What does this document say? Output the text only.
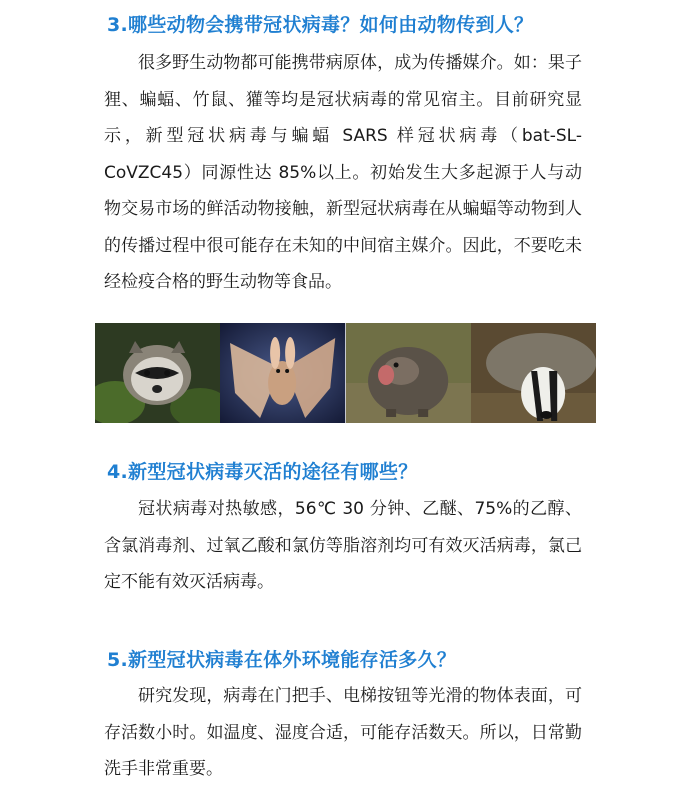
3.哪些动物会携带冠状病毒？如何由动物传到人？

很多野生动物都可能携带病原体，成为传播媒介。如：果子狸、蝙蝠、竹鼠、獾等均是冠状病毒的常见宿主。目前研究显示，新型冠状病毒与蝙蝠 SARS 样冠状病毒（bat-SL-CoVZC45）同源性达 85%以上。初始发生大多起源于人与动物交易市场的鲜活动物接触，新型冠状病毒在从蝙蝠等动物到人的传播过程中很可能存在未知的中间宿主媒介。因此，不要吃未经检疫合格的野生动物等食品。

4.新型冠状病毒灭活的途径有哪些？

冠状病毒对热敏感，56℃ 30 分钟、乙醚、75%的乙醇、含氯消毒剂、过氧乙酸和氯仿等脂溶剂均可有效灭活病毒，氯己定不能有效灭活病毒。

5.新型冠状病毒在体外环境能存活多久？

研究发现，病毒在门把手、电梯按钮等光滑的物体表面，可存活数小时。如温度、湿度合适，可能存活数天。所以，日常勤洗手非常重要。
